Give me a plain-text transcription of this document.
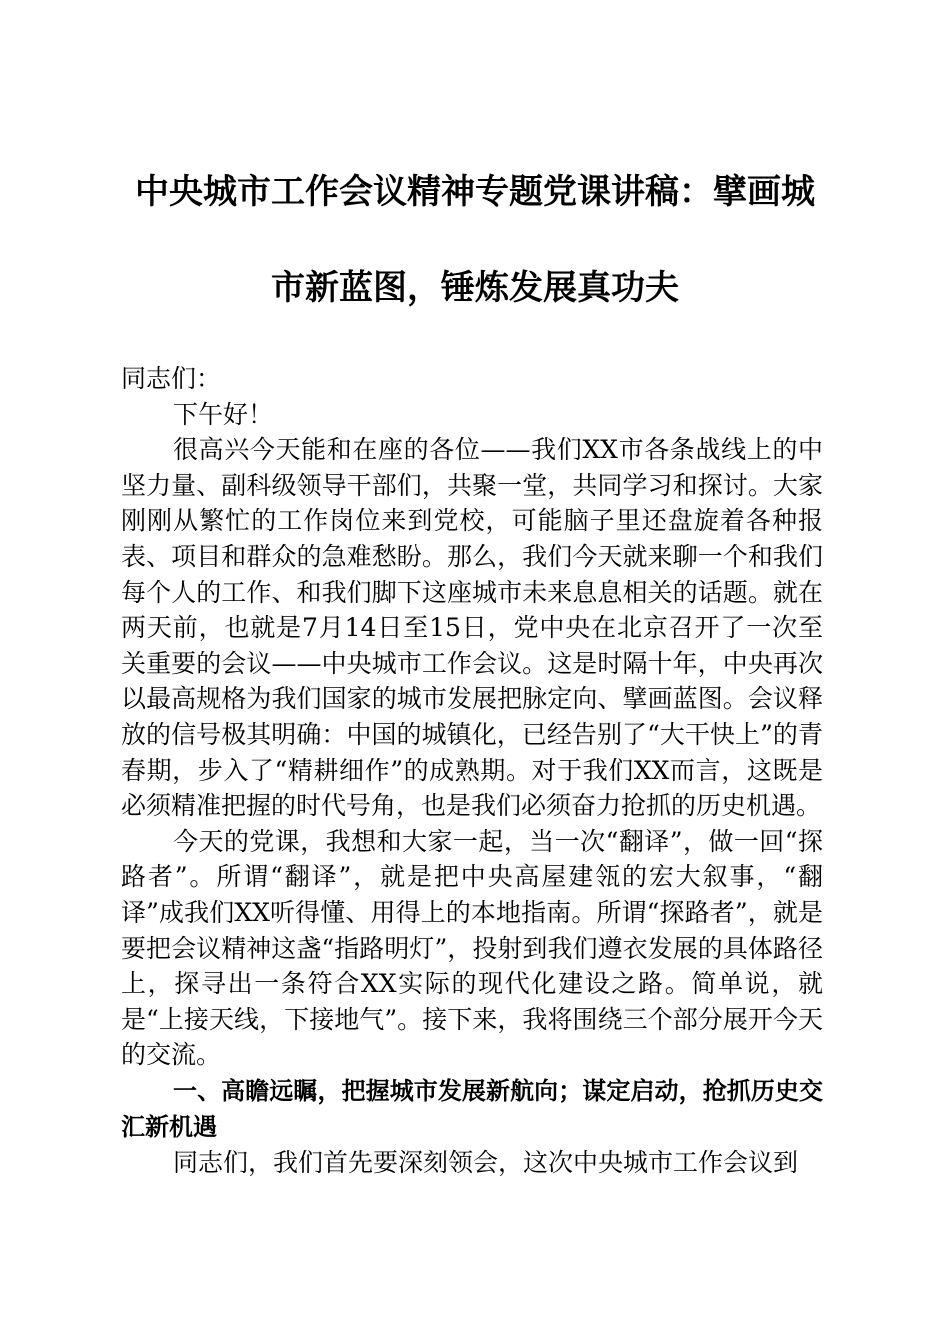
中央城市工作会议精神专题党课讲稿：擘画城
市新蓝图，锤炼发展真功夫

同志们：

下午好！

很高兴今天能和在座的各位——我们XX市各条战线上的中坚力量、副科级领导干部们，共聚一堂，共同学习和探讨。大家刚刚从繁忙的工作岗位来到党校，可能脑子里还盘旋着各种报表、项目和群众的急难愁盼。那么，我们今天就来聊一个和我们每个人的工作、和我们脚下这座城市未来息息相关的话题。就在两天前，也就是7月14日至15日，党中央在北京召开了一次至关重要的会议——中央城市工作会议。这是时隔十年，中央再次以最高规格为我们国家的城市发展把脉定向、擘画蓝图。会议释放的信号极其明确：中国的城镇化，已经告别了“大干快上”的青春期，步入了“精耕细作”的成熟期。对于我们XX而言，这既是必须精准把握的时代号角，也是我们必须奋力抢抓的历史机遇。

今天的党课，我想和大家一起，当一次“翻译”，做一回“探路者”。所谓“翻译”，就是把中央高屋建瓴的宏大叙事，“翻译”成我们XX听得懂、用得上的本地指南。所谓“探路者”，就是要把会议精神这盏“指路明灯”，投射到我们遵衣发展的具体路径上，探寻出一条符合XX实际的现代化建设之路。简单说，就是“上接天线，下接地气”。接下来，我将围绕三个部分展开今天的交流。

一、高瞻远瞩，把握城市发展新航向；谋定启动，抢抓历史交汇新机遇

同志们，我们首先要深刻领会，这次中央城市工作会议到
